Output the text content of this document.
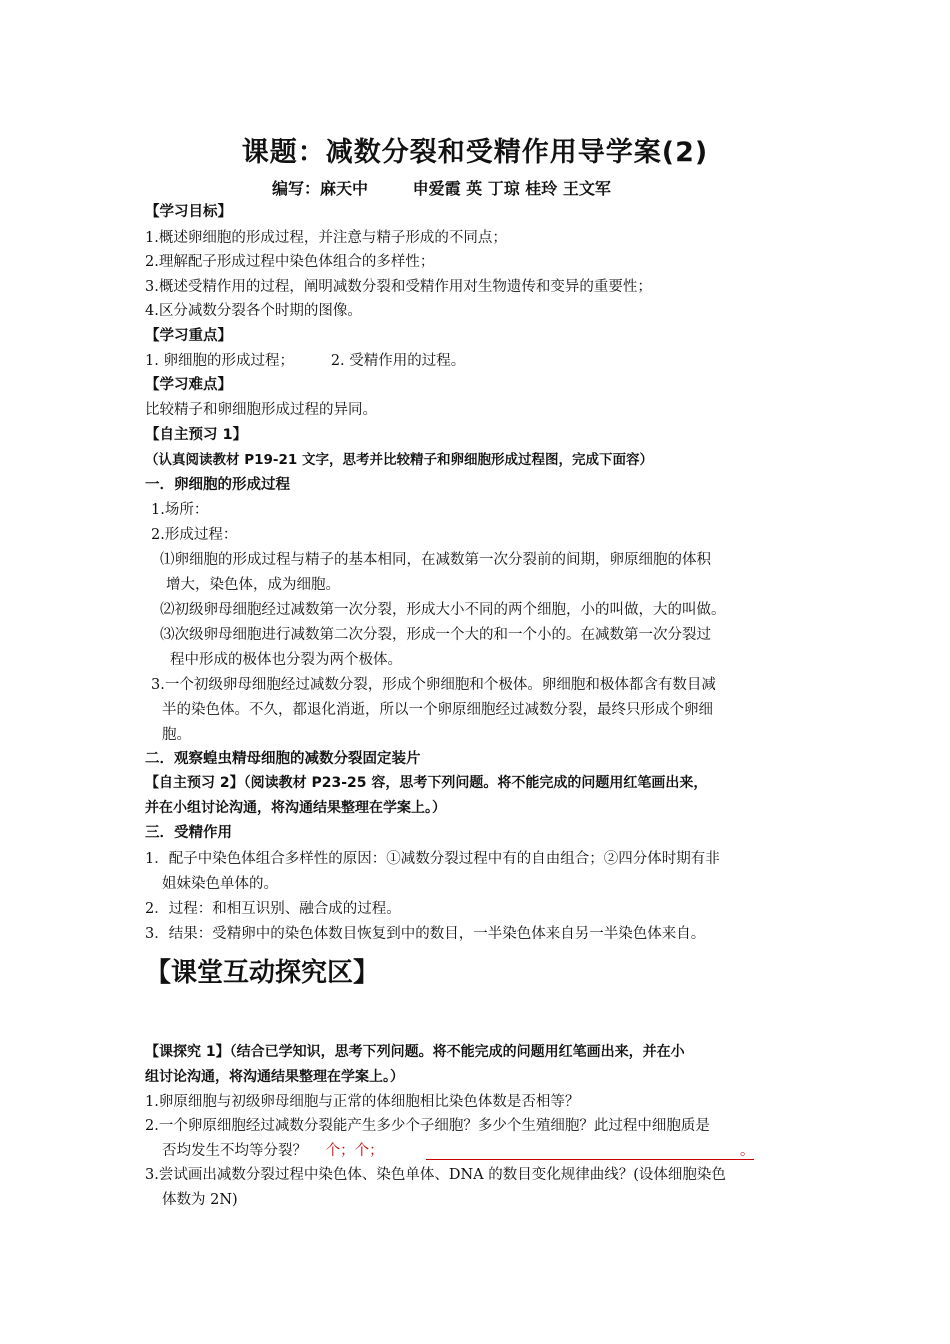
课题：减数分裂和受精作用导学案(2)
编写：麻天中        申爱霞 英 丁琼 桂玲 王文军
【学习目标】
1.概述卵细胞的形成过程，并注意与精子形成的不同点；
2.理解配子形成过程中染色体组合的多样性；
3.概述受精作用的过程，阐明减数分裂和受精作用对生物遗传和变异的重要性；
4.区分减数分裂各个时期的图像。
【学习重点】
1. 卵细胞的形成过程；        2. 受精作用的过程。
【学习难点】
比较精子和卵细胞形成过程的异同。
【自主预习 1】
（认真阅读教材 P19-21 文字，思考并比较精子和卵细胞形成过程图，完成下面容）
一．卵细胞的形成过程
1.场所：
2.形成过程：
⑴卵细胞的形成过程与精子的基本相同，在减数第一次分裂前的间期，卵原细胞的体积
增大，染色体，成为细胞。
⑵初级卵母细胞经过减数第一次分裂，形成大小不同的两个细胞，小的叫做，大的叫做。
⑶次级卵母细胞进行减数第二次分裂，形成一个大的和一个小的。在减数第一次分裂过
程中形成的极体也分裂为两个极体。
3.一个初级卵母细胞经过减数分裂，形成个卵细胞和个极体。卵细胞和极体都含有数目减
半的染色体。不久，都退化消逝，所以一个卵原细胞经过减数分裂，最终只形成个卵细
胞。
二．观察蝗虫精母细胞的减数分裂固定装片
【自主预习 2】（阅读教材 P23-25 容，思考下列问题。将不能完成的问题用红笔画出来，
并在小组讨论沟通，将沟通结果整理在学案上。）
三．受精作用
1．配子中染色体组合多样性的原因：①减数分裂过程中有的自由组合；②四分体时期有非
姐妹染色单体的。
2．过程：和相互识别、融合成的过程。
3．结果：受精卵中的染色体数目恢复到中的数目，一半染色体来自另一半染色体来自。
【课堂互动探究区】
【课探究 1】（结合已学知识，思考下列问题。将不能完成的问题用红笔画出来，并在小
组讨论沟通，将沟通结果整理在学案上。）
1.卵原细胞与初级卵母细胞与正常的体细胞相比染色体数是否相等？
2.一个卵原细胞经过减数分裂能产生多少个子细胞？多少个生殖细胞？此过程中细胞质是
否均发生不均等分裂？ 个；个；	。
3.尝试画出减数分裂过程中染色体、染色单体、DNA 的数目变化规律曲线？(设体细胞染色
体数为 2N)
